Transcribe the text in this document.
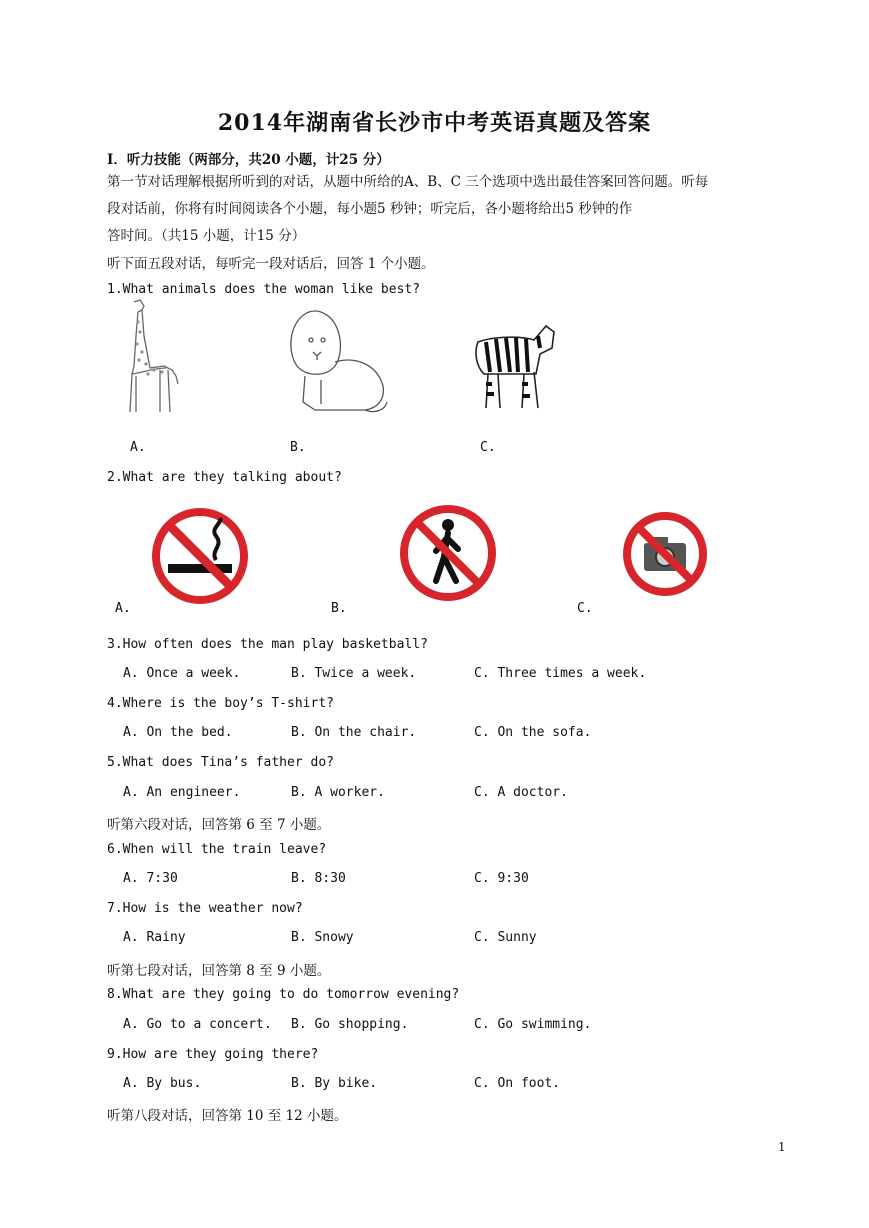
2014年湖南省长沙市中考英语真题及答案
Ⅰ．听力技能（两部分，共20 小题，计25 分）
第一节对话理解根据所听到的对话，从题中所给的A、B、C 三个选项中选出最佳答案回答问题。听每
段对话前，你将有时间阅读各个小题，每小题5 秒钟；听完后，各小题将给出5 秒钟的作
答时间。（共15 小题，计15 分）
听下面五段对话，每听完一段对话后，回答 1 个小题。
1.What animals does the woman like best?
A.	B.	C.
2.What are they talking about?
A.	B.	C.
3.How often does the man play basketball?
A. Once a week.	B. Twice a week.	C. Three times a week.
4.Where is the boy’s T-shirt?
A. On the bed.	B. On the chair.	C. On the sofa.
5.What does Tina’s father do?
A. An engineer.	B. A worker.	C. A doctor.
听第六段对话，回答第 6 至 7 小题。
6.When will the train leave?
A. 7:30	B. 8:30	C. 9:30
7.How is the weather now?
A. Rainy	B. Snowy	C. Sunny
听第七段对话，回答第 8 至 9 小题。
8.What are they going to do tomorrow evening?
A. Go to a concert. B. Go shopping.	C. Go swimming.
9.How are they going there?
A. By bus.	B. By bike.	C. On foot.
听第八段对话，回答第 10 至 12 小题。
1
